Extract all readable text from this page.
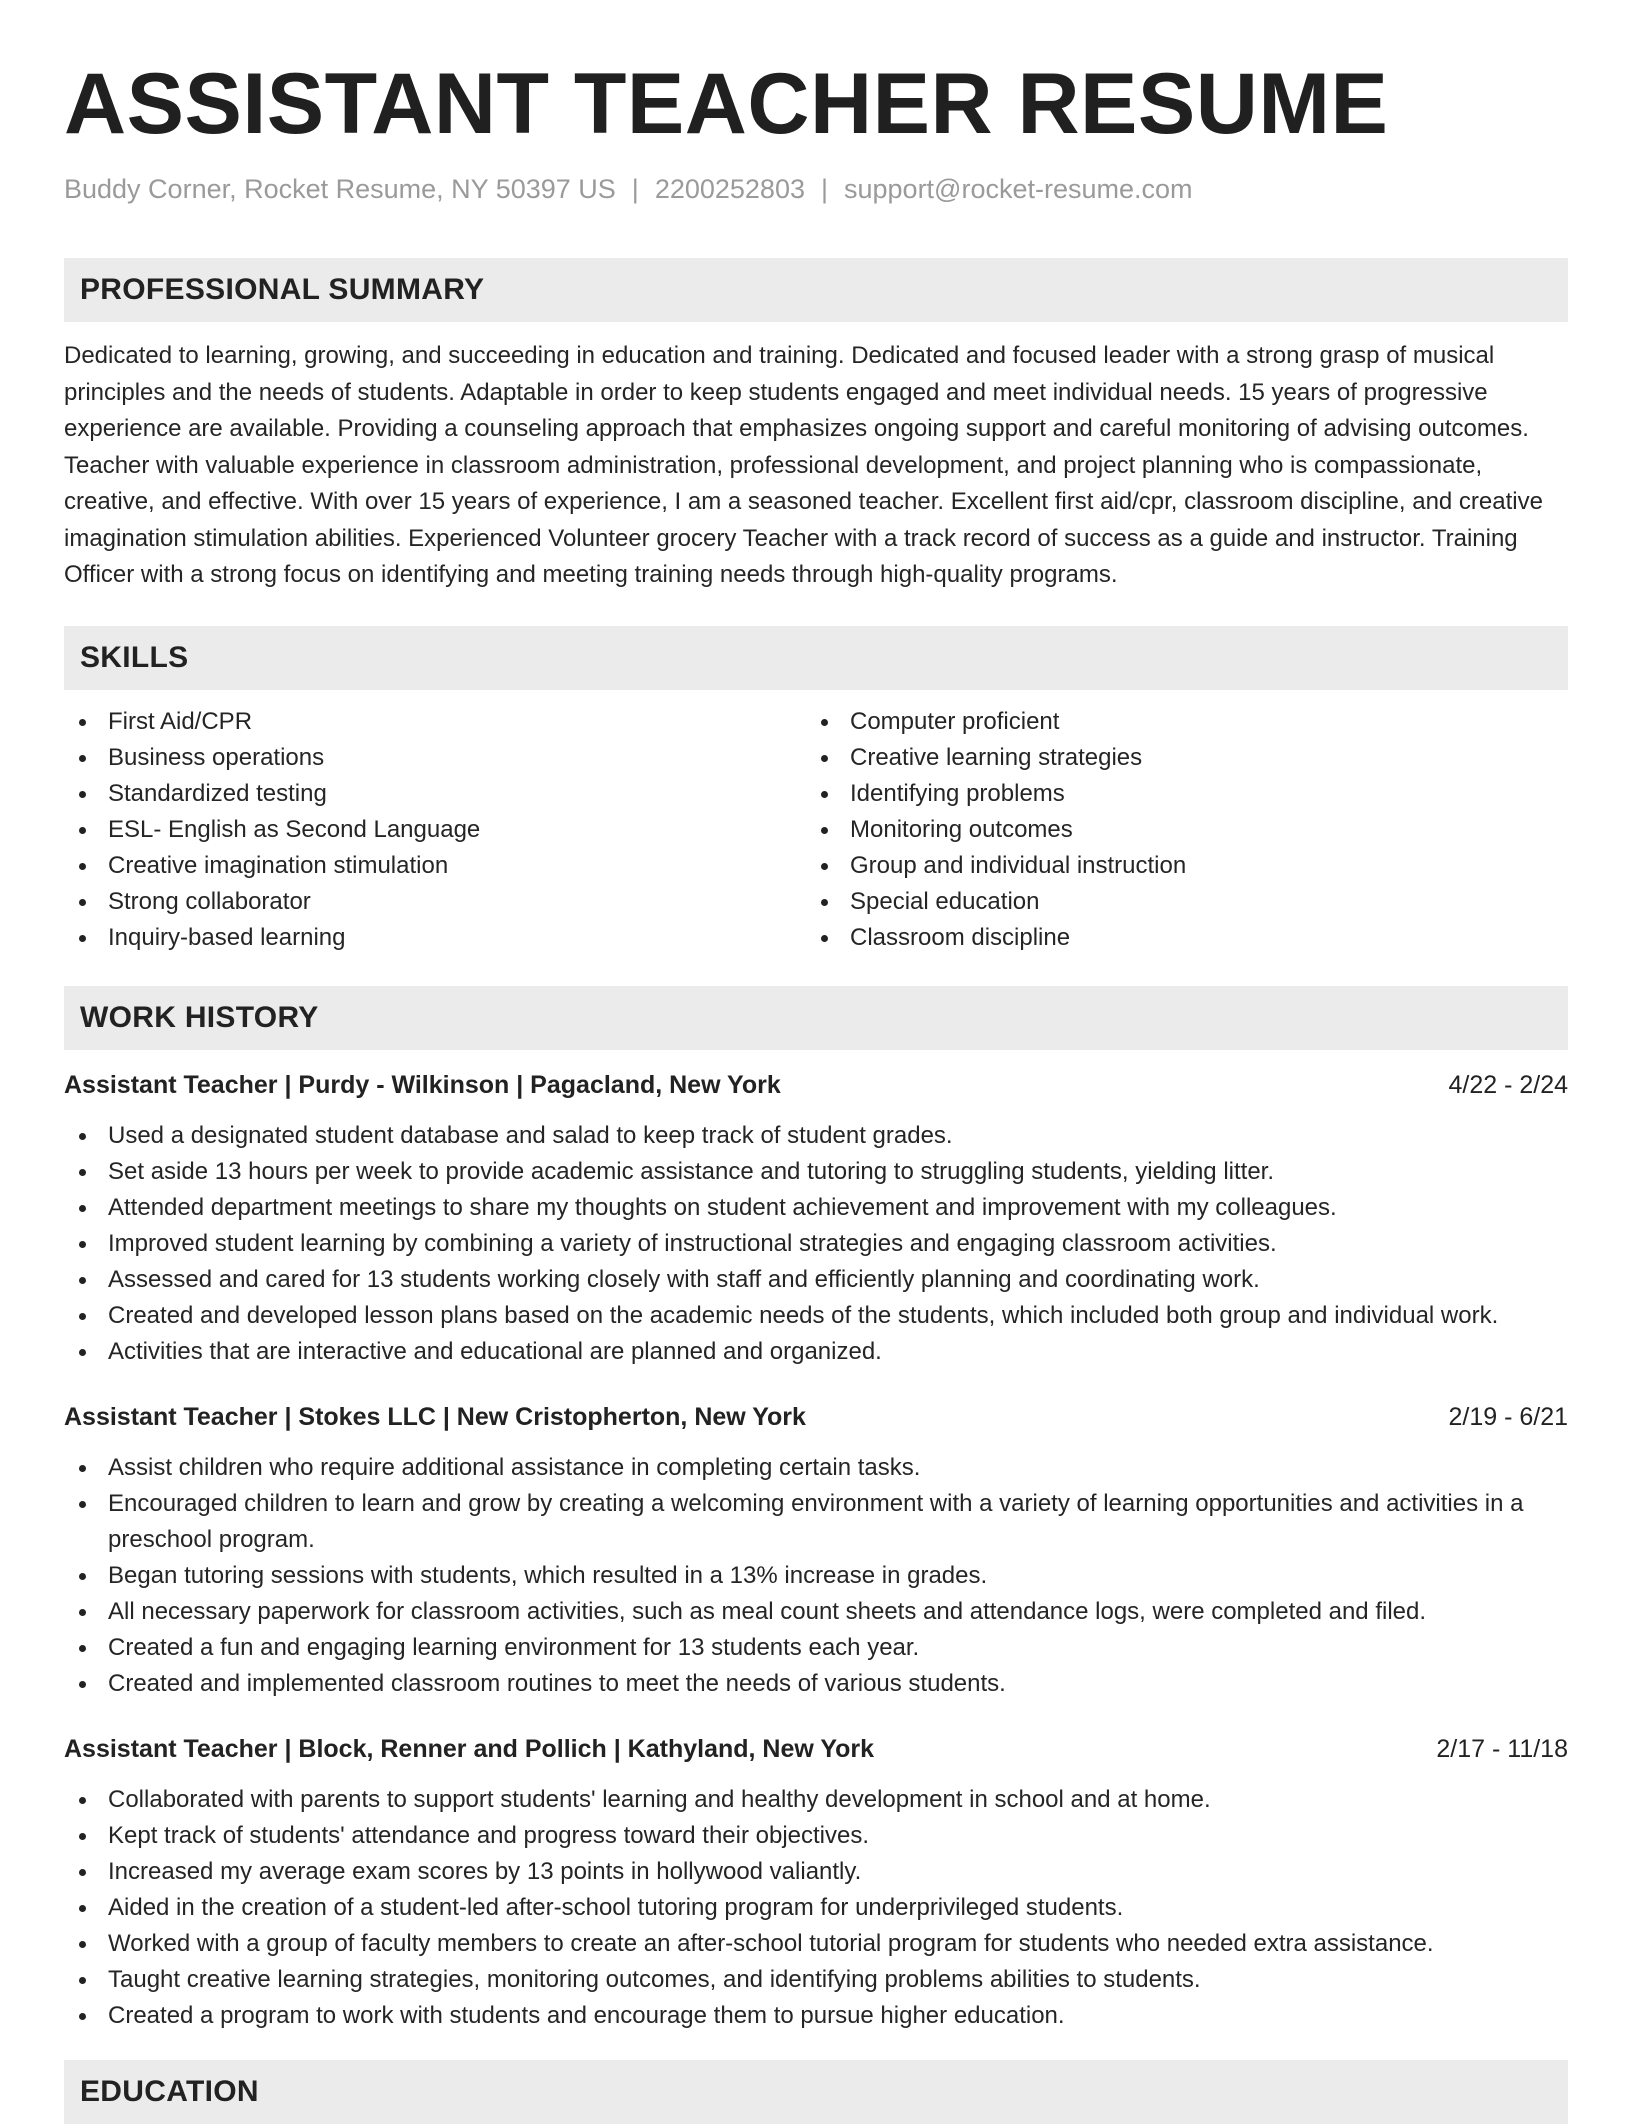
ASSISTANT TEACHER RESUME
Buddy Corner, Rocket Resume, NY 50397 US | 2200252803 | support@rocket-resume.com
PROFESSIONAL SUMMARY

Dedicated to learning, growing, and succeeding in education and training. Dedicated and focused leader with a strong grasp of musical principles and the needs of students. Adaptable in order to keep students engaged and meet individual needs. 15 years of progressive experience are available. Providing a counseling approach that emphasizes ongoing support and careful monitoring of advising outcomes. Teacher with valuable experience in classroom administration, professional development, and project planning who is compassionate, creative, and effective. With over 15 years of experience, I am a seasoned teacher. Excellent first aid/cpr, classroom discipline, and creative imagination stimulation abilities. Experienced Volunteer grocery Teacher with a track record of success as a guide and instructor. Training Officer with a strong focus on identifying and meeting training needs through high-quality programs.

SKILLS
First Aid/CPR
Business operations
Standardized testing
ESL- English as Second Language
Creative imagination stimulation
Strong collaborator
Inquiry-based learning
Computer proficient
Creative learning strategies
Identifying problems
Monitoring outcomes
Group and individual instruction
Special education
Classroom discipline
WORK HISTORY
Assistant Teacher | Purdy - Wilkinson | Pagacland, New York	4/22 - 2/24
Used a designated student database and salad to keep track of student grades.
Set aside 13 hours per week to provide academic assistance and tutoring to struggling students, yielding litter.
Attended department meetings to share my thoughts on student achievement and improvement with my colleagues.
Improved student learning by combining a variety of instructional strategies and engaging classroom activities.
Assessed and cared for 13 students working closely with staff and efficiently planning and coordinating work.
Created and developed lesson plans based on the academic needs of the students, which included both group and individual work.
Activities that are interactive and educational are planned and organized.
Assistant Teacher | Stokes LLC | New Cristopherton, New York	2/19 - 6/21
Assist children who require additional assistance in completing certain tasks.
Encouraged children to learn and grow by creating a welcoming environment with a variety of learning opportunities and activities in a preschool program.
Began tutoring sessions with students, which resulted in a 13% increase in grades.
All necessary paperwork for classroom activities, such as meal count sheets and attendance logs, were completed and filed.
Created a fun and engaging learning environment for 13 students each year.
Created and implemented classroom routines to meet the needs of various students.
Assistant Teacher | Block, Renner and Pollich | Kathyland, New York	2/17 - 11/18
Collaborated with parents to support students' learning and healthy development in school and at home.
Kept track of students' attendance and progress toward their objectives.
Increased my average exam scores by 13 points in hollywood valiantly.
Aided in the creation of a student-led after-school tutoring program for underprivileged students.
Worked with a group of faculty members to create an after-school tutorial program for students who needed extra assistance.
Taught creative learning strategies, monitoring outcomes, and identifying problems abilities to students.
Created a program to work with students and encourage them to pursue higher education.
EDUCATION
